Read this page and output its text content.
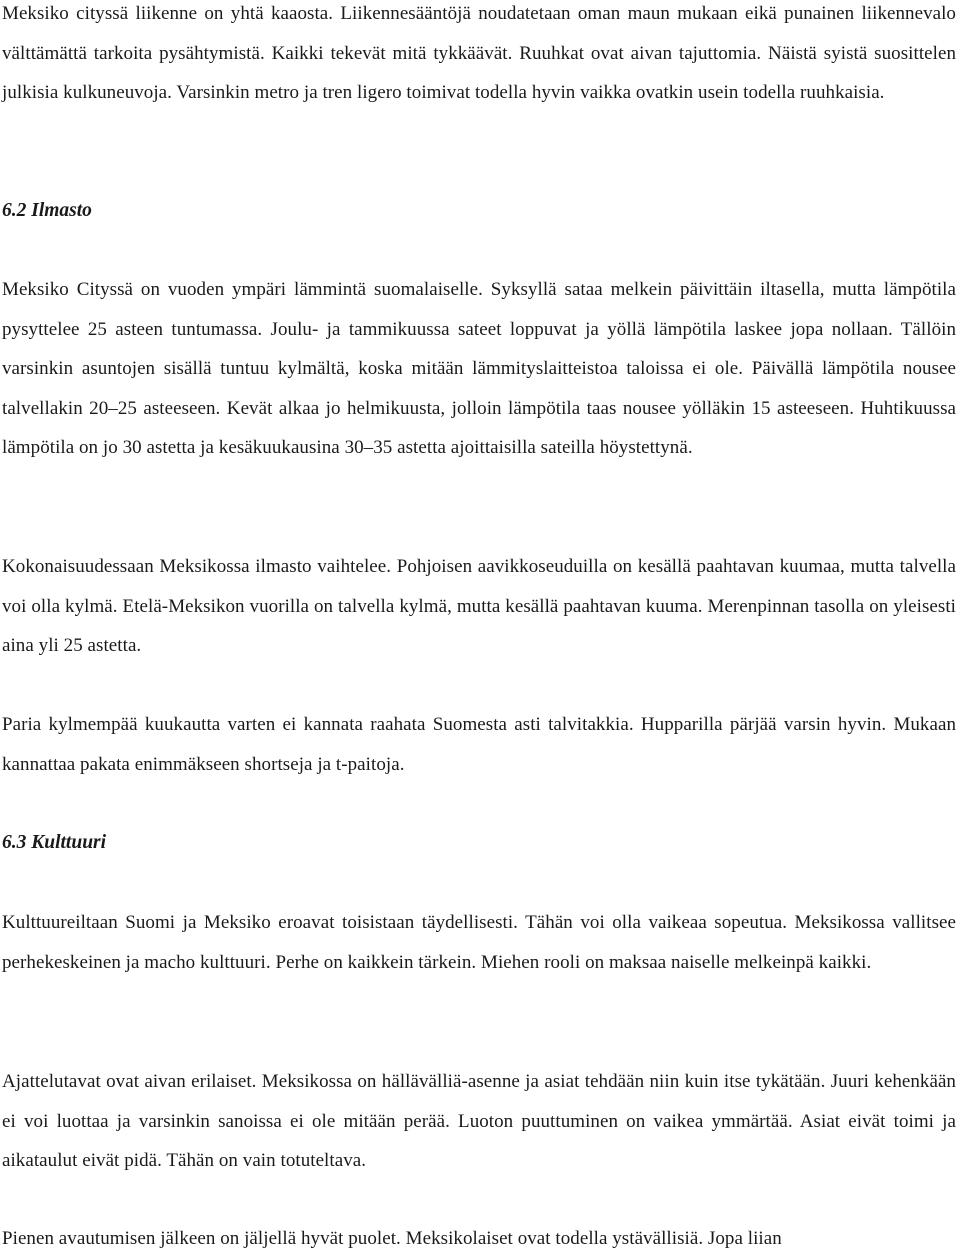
Meksiko cityssä liikenne on yhtä kaaosta. Liikennesääntöjä noudatetaan oman maun mukaan eikä punainen liikennevalo välttämättä tarkoita pysähtymistä. Kaikki tekevät mitä tykkäävät. Ruuhkat ovat aivan tajuttomia. Näistä syistä suosittelen julkisia kulkuneuvoja. Varsinkin metro ja tren ligero toimivat todella hyvin vaikka ovatkin usein todella ruuhkaisia.

6.2 Ilmasto

Meksiko Cityssä on vuoden ympäri lämmintä suomalaiselle. Syksyllä sataa melkein päivittäin iltasella, mutta lämpötila pysyttelee 25 asteen tuntumassa. Joulu- ja tammikuussa sateet loppuvat ja yöllä lämpötila laskee jopa nollaan. Tällöin varsinkin asuntojen sisällä tuntuu kylmältä, koska mitään lämmityslaitteistoa taloissa ei ole. Päivällä lämpötila nousee talvellakin 20–25 asteeseen. Kevät alkaa jo helmikuusta, jolloin lämpötila taas nousee yölläkin 15 asteeseen. Huhtikuussa lämpötila on jo 30 astetta ja kesäkuukausina 30–35 astetta ajoittaisilla sateilla höystettynä.

Kokonaisuudessaan Meksikossa ilmasto vaihtelee. Pohjoisen aavikkoseuduilla on kesällä paahtavan kuumaa, mutta talvella voi olla kylmä. Etelä-Meksikon vuorilla on talvella kylmä, mutta kesällä paahtavan kuuma. Merenpinnan tasolla on yleisesti aina yli 25 astetta.

Paria kylmempää kuukautta varten ei kannata raahata Suomesta asti talvitakkia. Hupparilla pärjää varsin hyvin. Mukaan kannattaa pakata enimmäkseen shortseja ja t-paitoja.

6.3 Kulttuuri

Kulttuureiltaan Suomi ja Meksiko eroavat toisistaan täydellisesti. Tähän voi olla vaikeaa sopeutua. Meksikossa vallitsee perhekeskeinen ja macho kulttuuri. Perhe on kaikkein tärkein. Miehen rooli on maksaa naiselle melkeinpä kaikki.

Ajattelutavat ovat aivan erilaiset. Meksikossa on hällävälliä-asenne ja asiat tehdään niin kuin itse tykätään. Juuri kehenkään ei voi luottaa ja varsinkin sanoissa ei ole mitään perää. Luoton puuttuminen on vaikea ymmärtää. Asiat eivät toimi ja aikataulut eivät pidä. Tähän on vain totuteltava.

Pienen avautumisen jälkeen on jäljellä hyvät puolet. Meksikolaiset ovat todella ystävällisiä. Jopa liian
